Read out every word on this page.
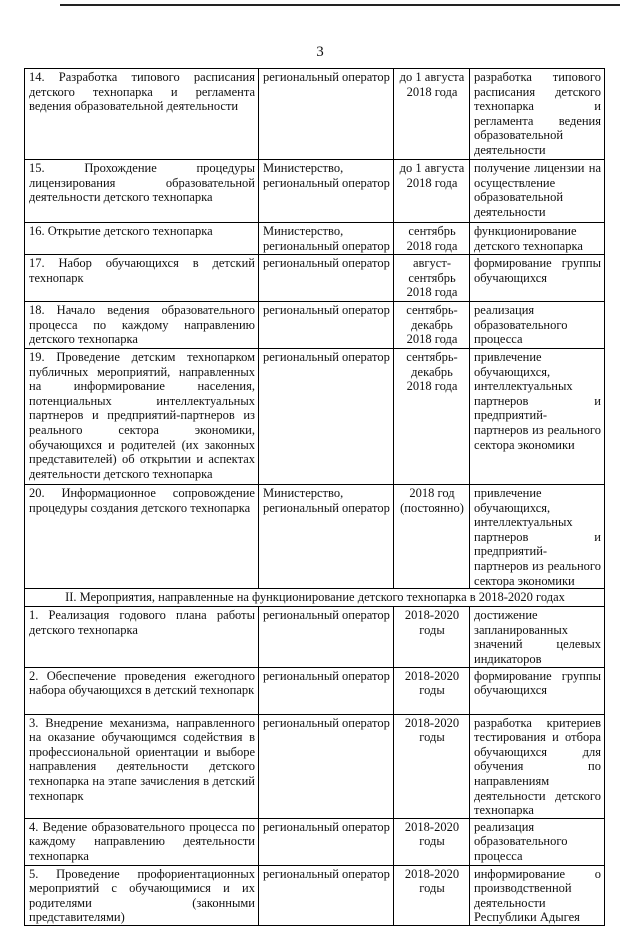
3
14. Разработка типового расписания детского технопарка и регламента ведения образовательной деятельности	региональный оператор	до 1 августа 2018 года	разработка типового расписания детского технопарка и регламента ведения образовательной деятельности
15. Прохождение процедуры лицензирования образовательной деятельности детского технопарка	Министерство, региональный оператор	до 1 августа 2018 года	получение лицензии на осуществление образовательной деятельности
16. Открытие детского технопарка	Министерство, региональный оператор	сентябрь 2018 года	функционирование детского технопарка
17. Набор обучающихся в детский технопарк	региональный оператор	август-сентябрь 2018 года	формирование группы обучающихся
18. Начало ведения образовательного процесса по каждому направлению детского технопарка	региональный оператор	сентябрь-декабрь 2018 года	реализация образовательного процесса
19. Проведение детским технопарком публичных мероприятий, направленных на информирование населения, потенциальных интеллектуальных партнеров и предприятий-партнеров из реального сектора экономики, обучающихся и родителей (их законных представителей) об открытии и аспектах деятельности детского технопарка	региональный оператор	сентябрь-декабрь 2018 года	привлечение обучающихся, интеллектуальных партнеров и предприятий-партнеров из реального сектора экономики
20. Информационное сопровождение процедуры создания детского технопарка	Министерство, региональный оператор	2018 год (постоянно)	привлечение обучающихся, интеллектуальных партнеров и предприятий-партнеров из реального сектора экономики
II. Мероприятия, направленные на функционирование детского технопарка в 2018-2020 годах			
1. Реализация годового плана работы детского технопарка	региональный оператор	2018-2020 годы	достижение запланированных значений целевых индикаторов
2. Обеспечение проведения ежегодного набора обучающихся в детский технопарк	региональный оператор	2018-2020 годы	формирование группы обучающихся
3. Внедрение механизма, направленного на оказание обучающимся содействия в профессиональной ориентации и выборе направления деятельности детского технопарка на этапе зачисления в детский технопарк	региональный оператор	2018-2020 годы	разработка критериев тестирования и отбора обучающихся для обучения по направлениям деятельности детского технопарка
4. Ведение образовательного процесса по каждому направлению деятельности технопарка	региональный оператор	2018-2020 годы	реализация образовательного процесса
5. Проведение профориентационных мероприятий с обучающимися и их родителями (законными представителями)	региональный оператор	2018-2020 годы	информирование о производственной деятельности Республики Адыгея
